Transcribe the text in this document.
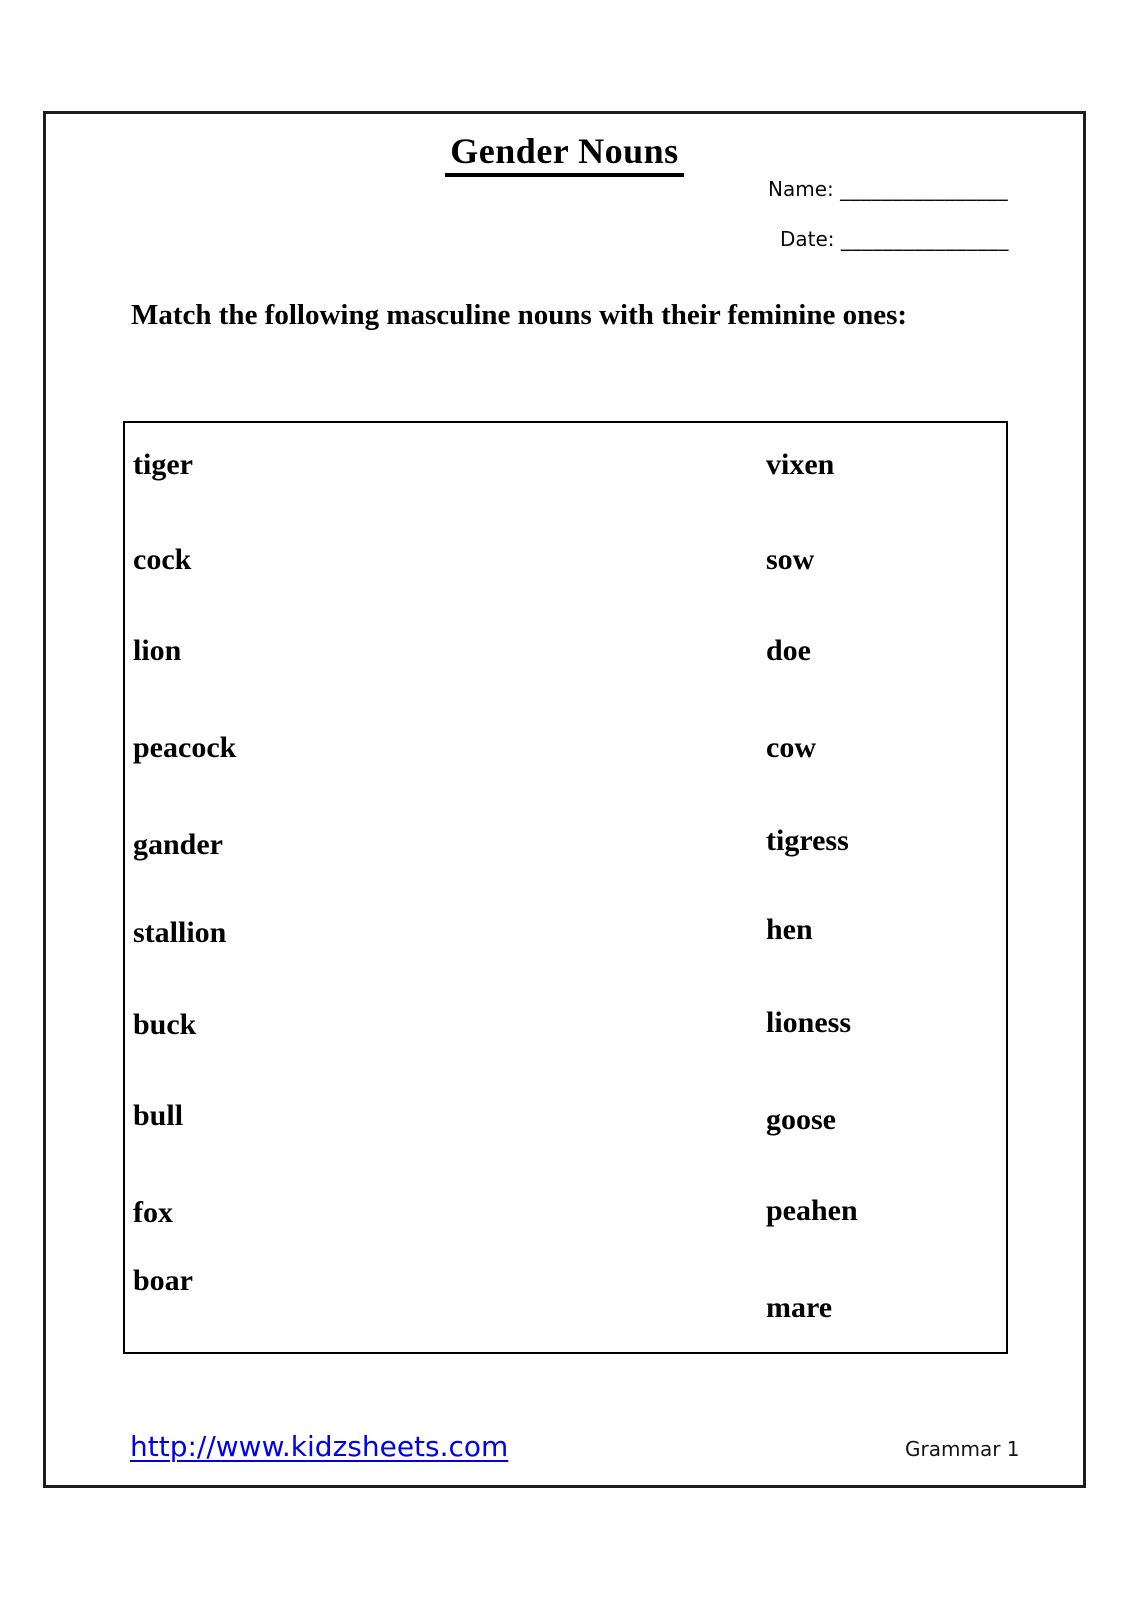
Gender Nouns
Name: ________________
Date: ________________
Match the following masculine nouns with their feminine ones:
tiger
cock
lion
peacock
gander
stallion
buck
bull
fox
boar
vixen
sow
doe
cow
tigress
hen
lioness
goose
peahen
mare
http://www.kidzsheets.com	Grammar 1
